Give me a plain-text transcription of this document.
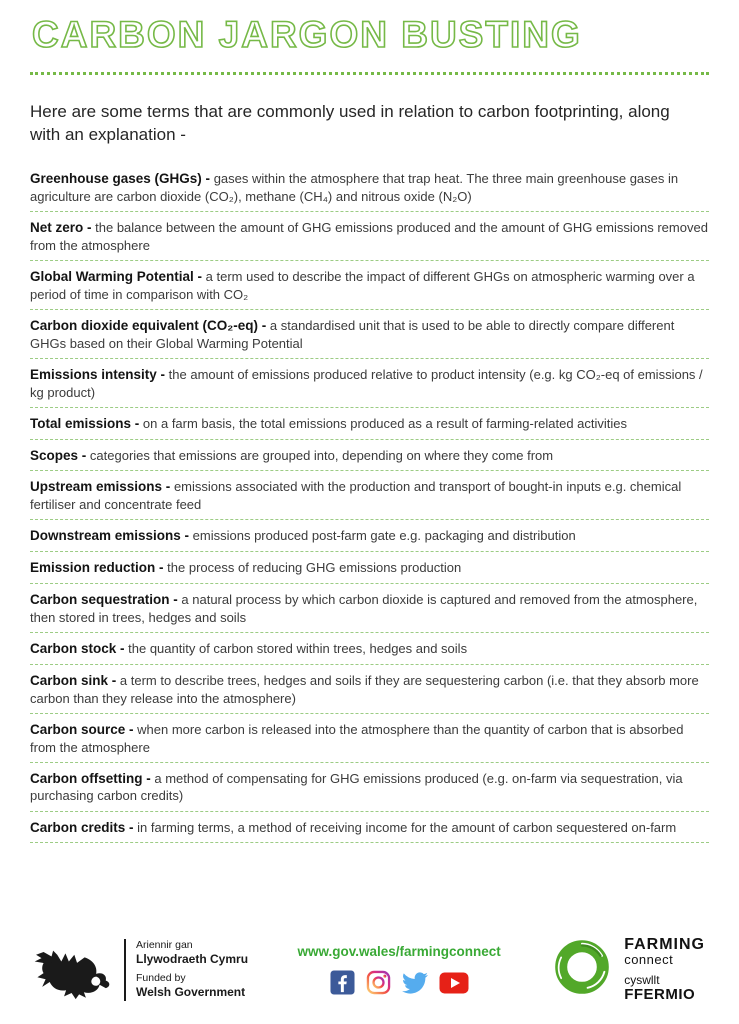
CARBON JARGON BUSTING

Here are some terms that are commonly used in relation to carbon footprinting, along with an explanation -

Greenhouse gases (GHGs) - gases within the atmosphere that trap heat. The three main greenhouse gases in agriculture are carbon dioxide (CO₂), methane (CH₄) and nitrous oxide (N₂O)
Net zero - the balance between the amount of GHG emissions produced and the amount of GHG emissions removed from the atmosphere
Global Warming Potential - a term used to describe the impact of different GHGs on atmospheric warming over a period of time in comparison with CO₂
Carbon dioxide equivalent (CO₂-eq) - a standardised unit that is used to be able to directly compare different GHGs based on their Global Warming Potential
Emissions intensity - the amount of emissions produced relative to product intensity (e.g. kg CO₂-eq of emissions / kg product)
Total emissions - on a farm basis, the total emissions produced as a result of farming-related activities
Scopes - categories that emissions are grouped into, depending on where they come from
Upstream emissions - emissions associated with the production and transport of bought-in inputs e.g. chemical fertiliser and concentrate feed
Downstream emissions - emissions produced post-farm gate e.g. packaging and distribution
Emission reduction - the process of reducing GHG emissions production
Carbon sequestration - a natural process by which carbon dioxide is captured and removed from the atmosphere, then stored in trees, hedges and soils
Carbon stock - the quantity of carbon stored within trees, hedges and soils
Carbon sink - a term to describe trees, hedges and soils if they are sequestering carbon (i.e. that they absorb more carbon than they release into the atmosphere)
Carbon source - when more carbon is released into the atmosphere than the quantity of carbon that is absorbed from the atmosphere
Carbon offsetting - a method of compensating for GHG emissions produced (e.g. on-farm via sequestration, via purchasing carbon credits)
Carbon credits - in farming terms, a method of receiving income for the amount of carbon sequestered on-farm
Ariennir gan
Llywodraeth Cymru
Funded by
Welsh Government
www.gov.wales/farmingconnect	FARMING
connect
cyswllt
FFERMIO
